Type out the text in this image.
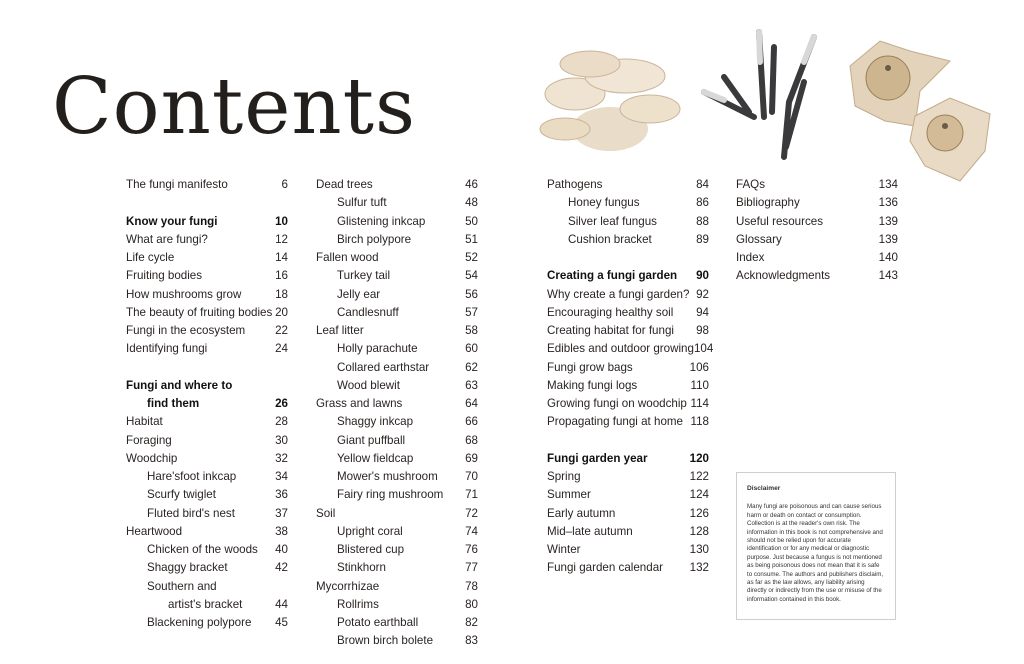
Contents
The fungi manifesto	6
Know your fungi	10
What are fungi?	12
Life cycle	14
Fruiting bodies	16
How mushrooms grow	18
The beauty of fruiting bodies 20
Fungi in the ecosystem	22
Identifying fungi	24
Fungi and where to
find them	26
Habitat	28
Foraging	30
Woodchip	32
Hare'sfoot inkcap	34
Scurfy twiglet	36
Fluted bird's nest	37
Heartwood	38
Chicken of the woods 40
Shaggy bracket	42
Southern and
artist's bracket	44
Blackening polypore 45
Dead trees	46
Sulfur tuft	48
Glistening inkcap	50
Birch polypore	51
Fallen wood	52
Turkey tail	54
Jelly ear	56
Candlesnuff	57
Leaf litter	58
Holly parachute	60
Collared earthstar	62
Wood blewit	63
Grass and lawns	64
Shaggy inkcap	66
Giant puffball	68
Yellow fieldcap	69
Mower's mushroom 70
Fairy ring mushroom 71
Soil	72
Upright coral	74
Blistered cup	76
Stinkhorn	77
Mycorrhizae	78
Rollrims	80
Potato earthball	82
Brown birch bolete	83
Pathogens	84
Honey fungus	86
Silver leaf fungus	88
Cushion bracket	89
Creating a fungi garden 90
Why create a fungi garden? 92
Encouraging healthy soil 94
Creating habitat for fungi 98
Edibles and outdoor growing 104
Fungi grow bags	106
Making fungi logs	110
Growing fungi on woodchip 114
Propagating fungi at home 118
Fungi garden year	120
Spring	122
Summer	124
Early autumn	126
Mid–late autumn	128
Winter	130
Fungi garden calendar 132
FAQs	134
Bibliography	136
Useful resources	139
Glossary	139
Index	140
Acknowledgments	143
Disclaimer
Many fungi are poisonous and can cause serious harm or death on contact or consumption. Collection is at the reader's own risk. The information in this book is not comprehensive and should not be relied upon for accurate identification or for any medical or diagnostic purpose. Just because a fungus is not mentioned as being poisonous does not mean that it is safe to consume. The authors and publishers disclaim, as far as the law allows, any liability arising directly or indirectly from the use or misuse of the information contained in this book.
